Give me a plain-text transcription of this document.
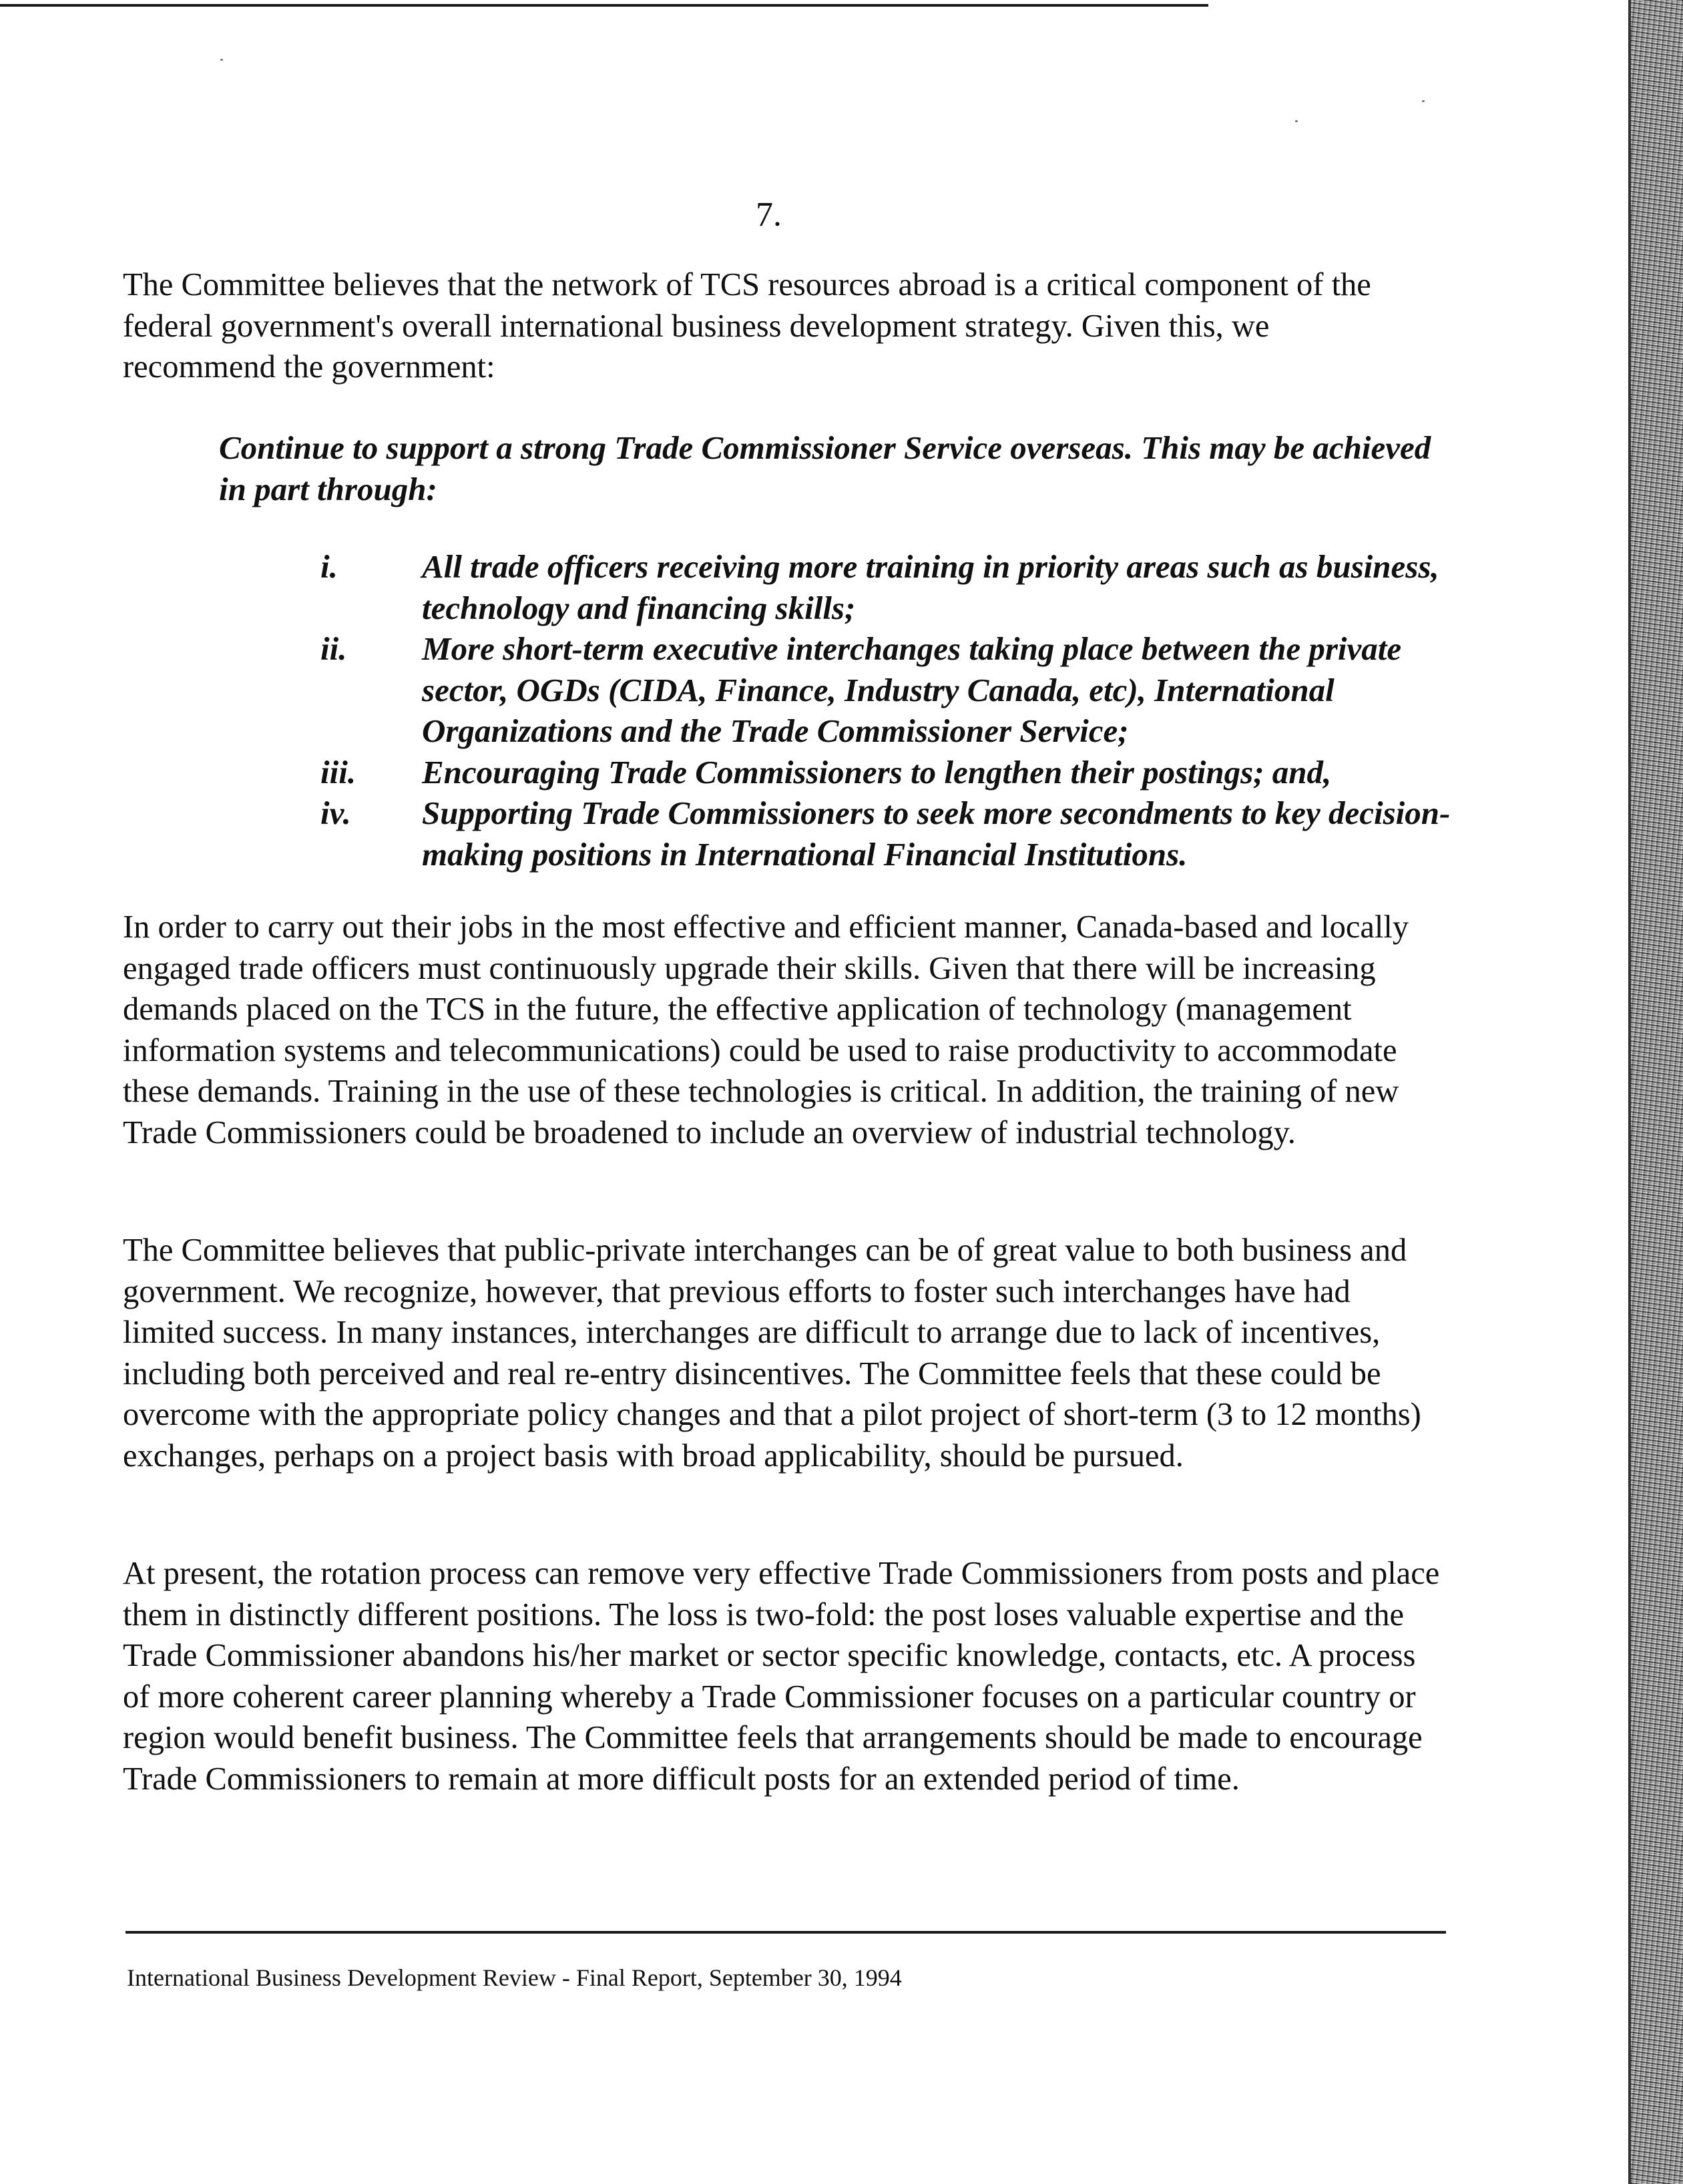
7.

The Committee believes that the network of TCS resources abroad is a critical component of the federal government's overall international business development strategy. Given this, we recommend the government:

Continue to support a strong Trade Commissioner Service overseas. This may be achieved in part through:

i.	All trade officers receiving more training in priority areas such as business, technology and financing skills;
ii. More short-term executive interchanges taking place between the private sector, OGDs (CIDA, Finance, Industry Canada, etc), International Organizations and the Trade Commissioner Service;
iii. Encouraging Trade Commissioners to lengthen their postings; and,
iv. Supporting Trade Commissioners to seek more secondments to key decision-making positions in International Financial Institutions.

In order to carry out their jobs in the most effective and efficient manner, Canada-based and locally engaged trade officers must continuously upgrade their skills. Given that there will be increasing demands placed on the TCS in the future, the effective application of technology (management information systems and telecommunications) could be used to raise productivity to accommodate these demands. Training in the use of these technologies is critical. In addition, the training of new Trade Commissioners could be broadened to include an overview of industrial technology.

The Committee believes that public-private interchanges can be of great value to both business and government. We recognize, however, that previous efforts to foster such interchanges have had limited success. In many instances, interchanges are difficult to arrange due to lack of incentives, including both perceived and real re-entry disincentives. The Committee feels that these could be overcome with the appropriate policy changes and that a pilot project of short-term (3 to 12 months) exchanges, perhaps on a project basis with broad applicability, should be pursued.

At present, the rotation process can remove very effective Trade Commissioners from posts and place them in distinctly different positions. The loss is two-fold: the post loses valuable expertise and the Trade Commissioner abandons his/her market or sector specific knowledge, contacts, etc. A process of more coherent career planning whereby a Trade Commissioner focuses on a particular country or region would benefit business. The Committee feels that arrangements should be made to encourage Trade Commissioners to remain at more difficult posts for an extended period of time.

International Business Development Review - Final Report, September 30, 1994
